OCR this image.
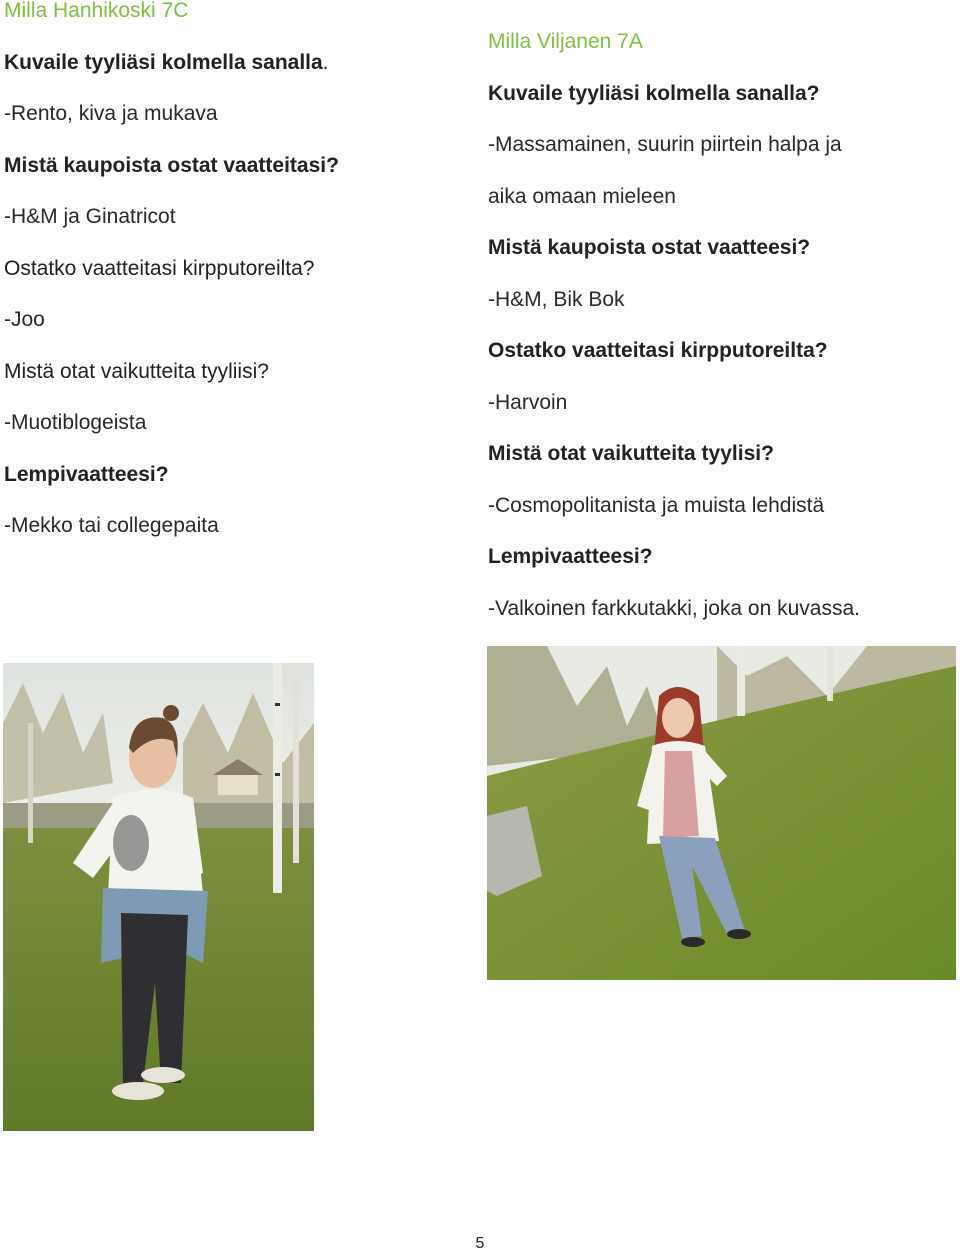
Milla Hanhikoski 7C

Kuvaile tyyliäsi kolmella sanalla.

-Rento, kiva ja mukava

Mistä kaupoista ostat vaatteitasi?

-H&M ja Ginatricot

Ostatko vaatteitasi kirpputoreilta?

-Joo

Mistä otat vaikutteita tyyliisi?

-Muotiblogeista

Lempivaatteesi?

-Mekko tai collegepaita

Milla Viljanen 7A

Kuvaile tyyliäsi kolmella sanalla?

-Massamainen, suurin piirtein halpa ja

aika omaan mieleen

Mistä kaupoista ostat vaatteesi?

-H&M, Bik Bok

Ostatko vaatteitasi kirpputoreilta?

-Harvoin

Mistä otat vaikutteita tyylisi?

-Cosmopolitanista ja muista lehdistä

Lempivaatteesi?

-Valkoinen farkkutakki, joka on kuvassa.

5
